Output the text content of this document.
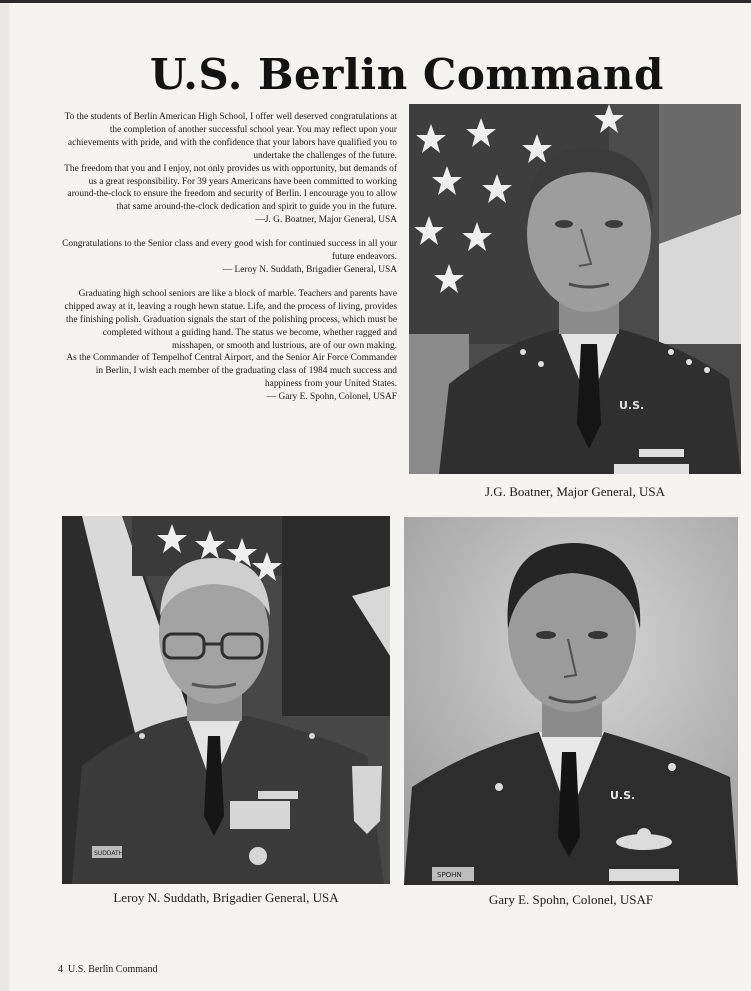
U.S. Berlin Command

To the students of Berlin American High School, I offer well deserved congratulations at the completion of another successful school year. You may reflect upon your achievements with pride, and with the confidence that your labors have qualified you to undertake the challenges of the future.

The freedom that you and I enjoy, not only provides us with opportunity, but demands of us a great responsibility. For 39 years Americans have been committed to working around-the-clock to ensure the freedom and security of Berlin. I encourage you to allow that same around-the-clock dedication and spirit to guide you in the future.

—J. G. Boatner, Major General, USA

Congratulations to the Senior class and every good wish for continued success in all your future endeavors.

— Leroy N. Suddath, Brigadier General, USA

Graduating high school seniors are like a block of marble. Teachers and parents have chipped away at it, leaving a rough hewn statue. Life, and the process of living, provides the finishing polish. Graduation signals the start of the polishing process, which must be completed without a guiding hand. The status we become, whether ragged and misshapen, or smooth and lustrious, are of our own making.

As the Commander of Tempelhof Central Airport, and the Senior Air Force Commander in Berlin, I wish each member of the graduating class of 1984 much success and happiness from your United States.

— Gary E. Spohn, Colonel, USAF
U.S.

J.G. Boatner, Major General, USA

SUDDATH

Leroy N. Suddath, Brigadier General, USA

U.S.
SPOHN

Gary E. Spohn, Colonel, USAF

4 U.S. Berlin Command
